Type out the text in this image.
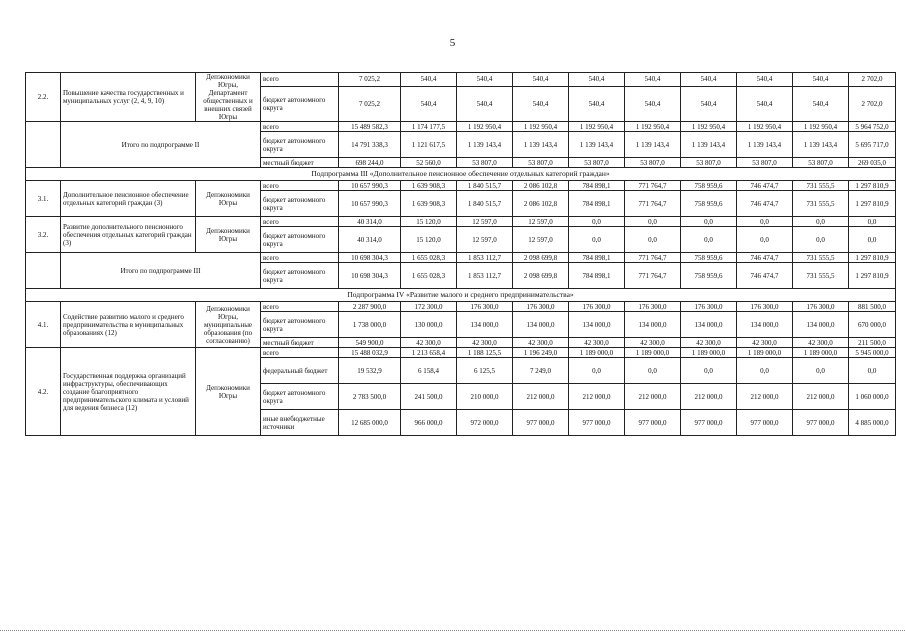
5
2.2.	Повышение качества государственных и муниципальных услуг (2, 4, 9, 10)	Депэкономики Югры, Департамент общественных и внешних связей Югры	всего	7 025,2	540,4	540,4	540,4	540,4	540,4	540,4	540,4	540,4	2 702,0
			бюджет автономного округа	7 025,2	540,4	540,4	540,4	540,4	540,4	540,4	540,4	540,4	2 702,0
	Итого по подпрограмме II		всего	15 489 582,3	1 174 177,5	1 192 950,4	1 192 950,4	1 192 950,4	1 192 950,4	1 192 950,4	1 192 950,4	1 192 950,4	5 964 752,0
			бюджет автономного округа	14 791 338,3	1 121 617,5	1 139 143,4	1 139 143,4	1 139 143,4	1 139 143,4	1 139 143,4	1 139 143,4	1 139 143,4	5 695 717,0
			местный бюджет	698 244,0	52 560,0	53 807,0	53 807,0	53 807,0	53 807,0	53 807,0	53 807,0	53 807,0	269 035,0
Подпрограмма III «Дополнительное пенсионное обеспечение отдельных категорий граждан»													
3.1.	Дополнительное пенсионное обеспечение отдельных категорий граждан (3)	Депэкономики Югры	всего	10 657 990,3	1 639 908,3	1 840 515,7	2 086 102,8	784 898,1	771 764,7	758 959,6	746 474,7	731 555,5	1 297 810,9
			бюджет автономного округа	10 657 990,3	1 639 908,3	1 840 515,7	2 086 102,8	784 898,1	771 764,7	758 959,6	746 474,7	731 555,5	1 297 810,9
3.2.	Развитие дополнительного пенсионного обеспечения отдельных категорий граждан (3)	Депэкономики Югры	всего	40 314,0	15 120,0	12 597,0	12 597,0	0,0	0,0	0,0	0,0	0,0	0,0
			бюджет автономного округа	40 314,0	15 120,0	12 597,0	12 597,0	0,0	0,0	0,0	0,0	0,0	0,0
	Итого по подпрограмме III		всего	10 698 304,3	1 655 028,3	1 853 112,7	2 098 699,8	784 898,1	771 764,7	758 959,6	746 474,7	731 555,5	1 297 810,9
			бюджет автономного округа	10 698 304,3	1 655 028,3	1 853 112,7	2 098 699,8	784 898,1	771 764,7	758 959,6	746 474,7	731 555,5	1 297 810,9
Подпрограмма IV «Развитие малого и среднего предпринимательства»													
4.1.	Содействие развитию малого и среднего предпринимательства в муниципальных образованиях (12)	Депэкономики Югры, муниципальные образования (по согласованию)	всего	2 287 900,0	172 300,0	176 300,0	176 300,0	176 300,0	176 300,0	176 300,0	176 300,0	176 300,0	881 500,0
			бюджет автономного округа	1 738 000,0	130 000,0	134 000,0	134 000,0	134 000,0	134 000,0	134 000,0	134 000,0	134 000,0	670 000,0
			местный бюджет	549 900,0	42 300,0	42 300,0	42 300,0	42 300,0	42 300,0	42 300,0	42 300,0	42 300,0	211 500,0
4.2.	Государственная поддержка организаций инфраструктуры, обеспечивающих создание благоприятного предпринимательского климата и условий для ведения бизнеса (12)	Депэкономики Югры	всего	15 488 032,9	1 213 658,4	1 188 125,5	1 196 249,0	1 189 000,0	1 189 000,0	1 189 000,0	1 189 000,0	1 189 000,0	5 945 000,0
			федеральный бюджет	19 532,9	6 158,4	6 125,5	7 249,0	0,0	0,0	0,0	0,0	0,0	0,0
			бюджет автономного округа	2 783 500,0	241 500,0	210 000,0	212 000,0	212 000,0	212 000,0	212 000,0	212 000,0	212 000,0	1 060 000,0
			иные внебюджетные источники	12 685 000,0	966 000,0	972 000,0	977 000,0	977 000,0	977 000,0	977 000,0	977 000,0	977 000,0	4 885 000,0
